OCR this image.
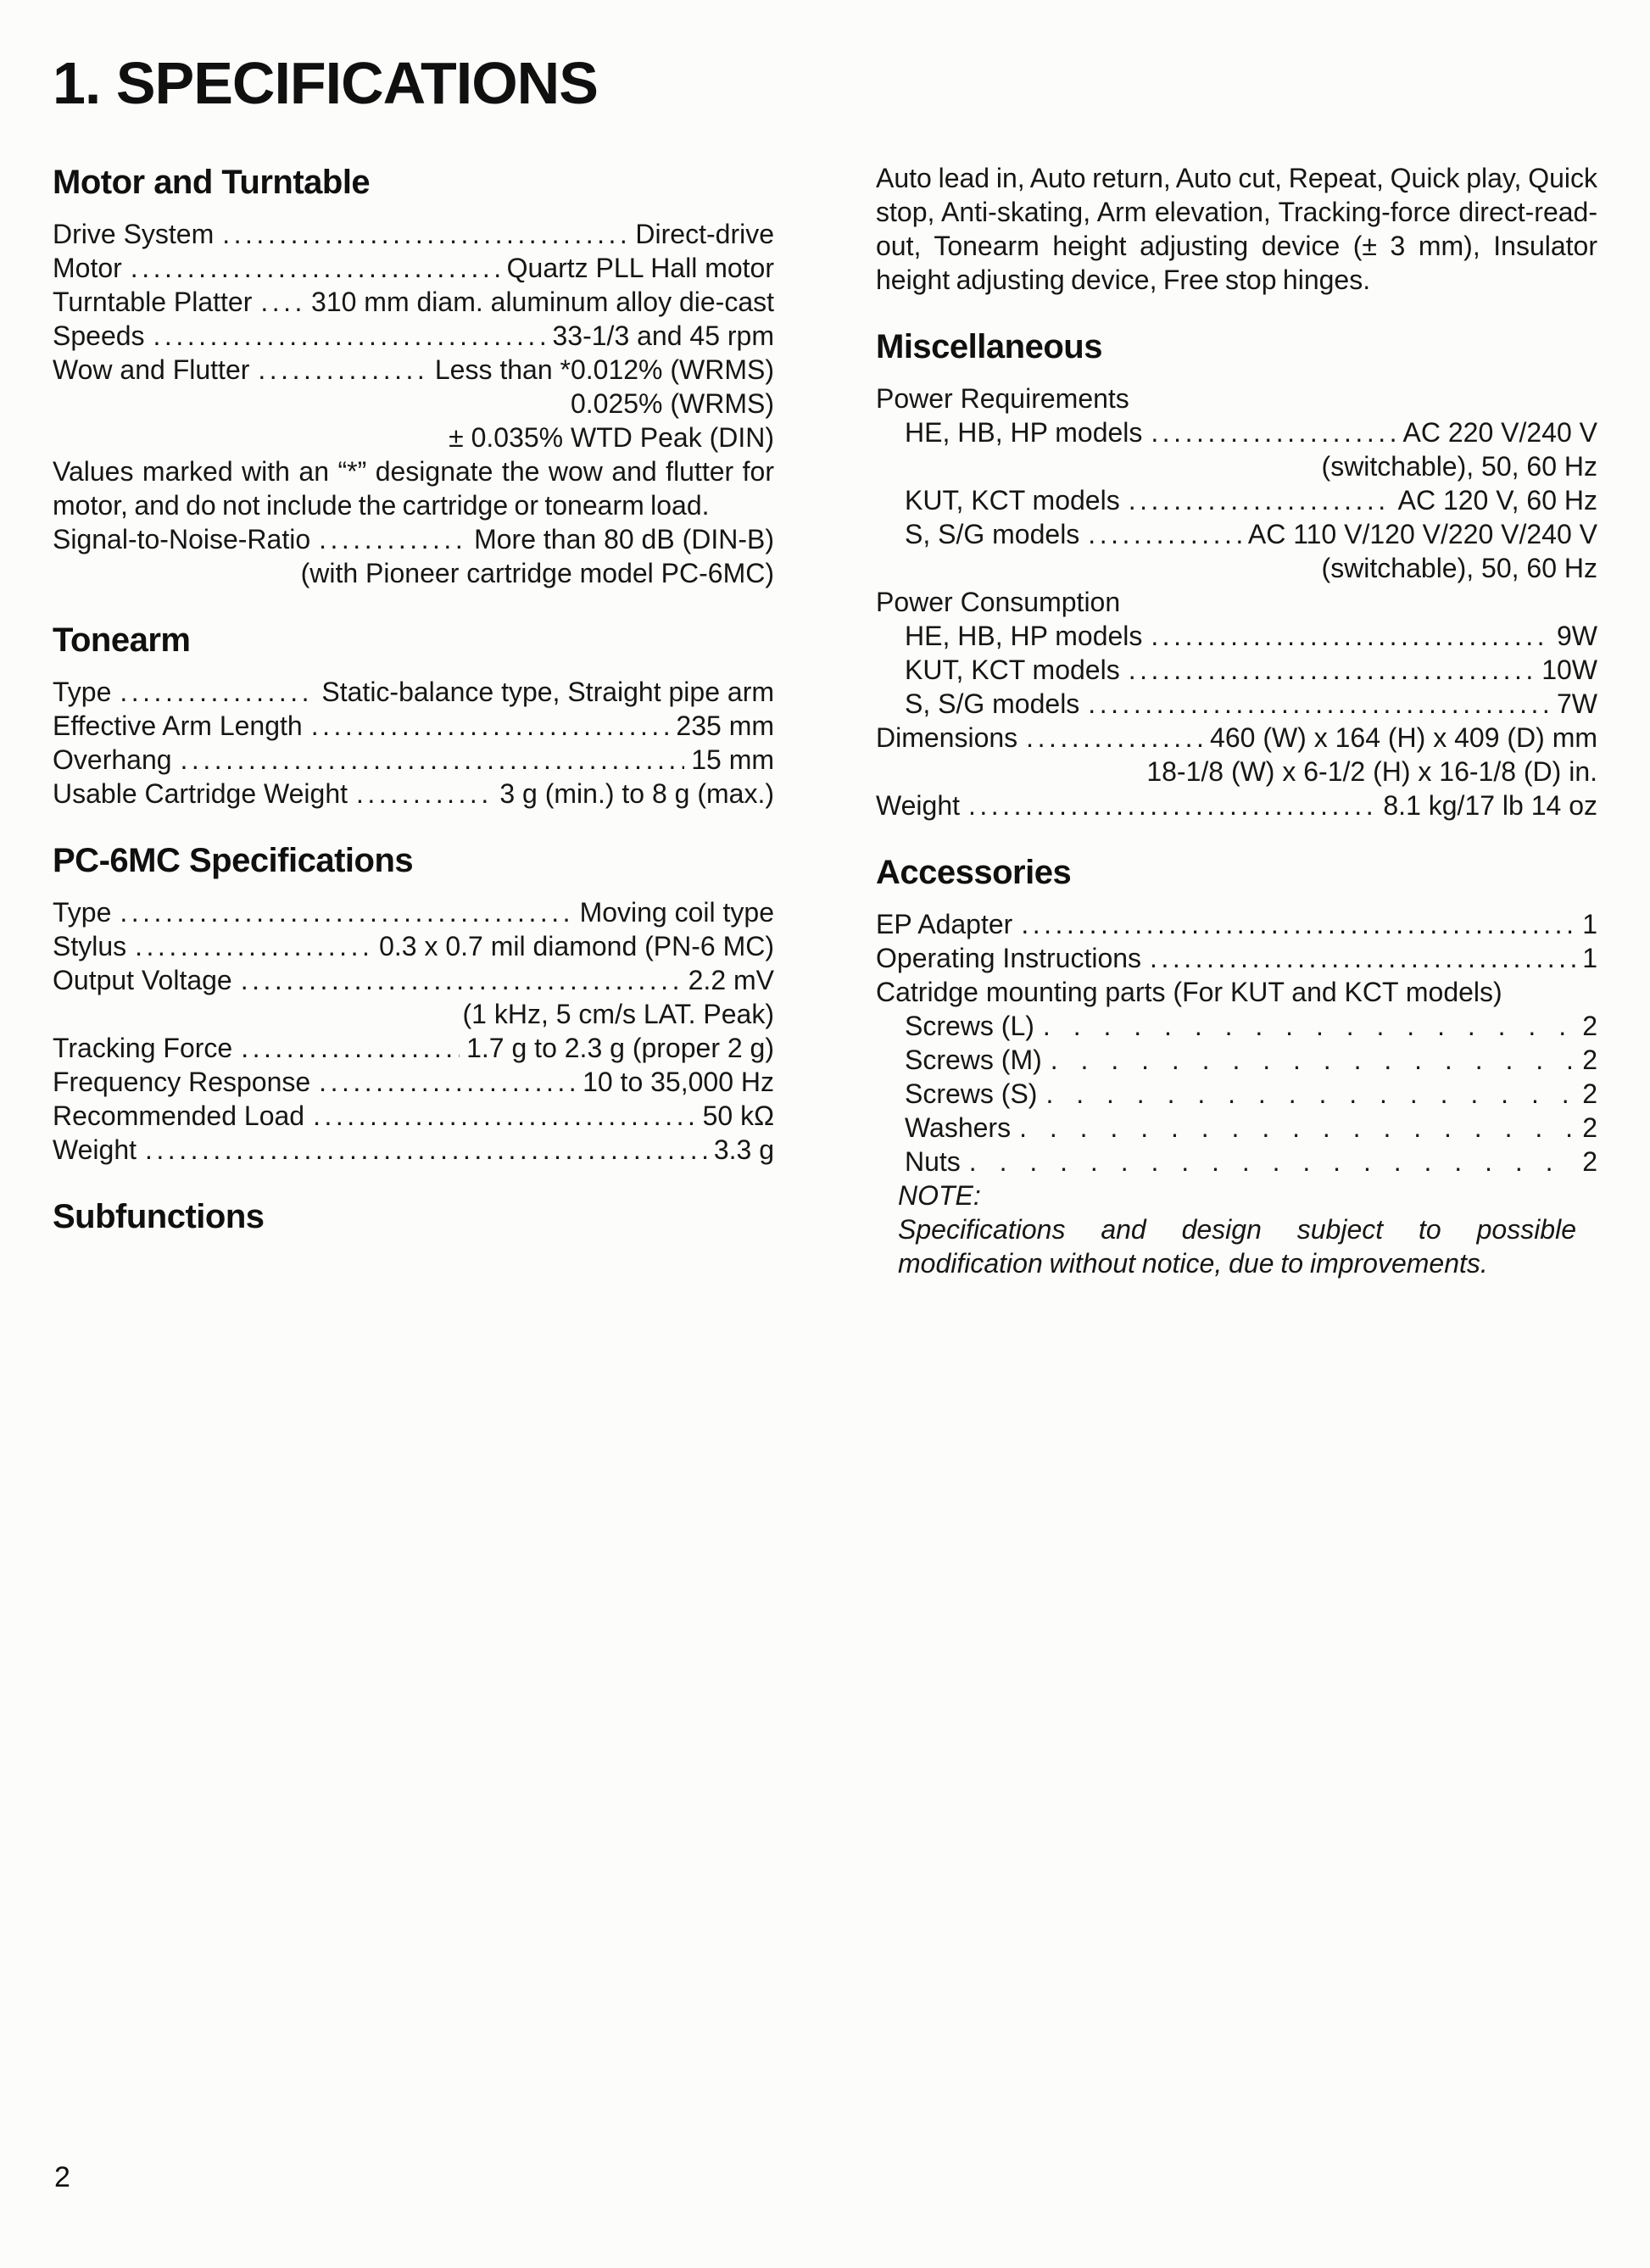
1. SPECIFICATIONS
Motor and Turntable
Drive System .....	Direct-drive
Motor .....	Quartz PLL Hall motor
Turntable Platter ..... 310 mm diam. aluminum alloy die-cast
Speeds .....	33-1/3 and 45 rpm
Wow and Flutter .....	Less than *0.012% (WRMS)
0.025% (WRMS)
± 0.035% WTD Peak (DIN)

Values marked with an “*” designate the wow and flutter for motor, and do not include the cartridge or tonearm load.

Signal-to-Noise-Ratio .....	More than 80 dB (DIN-B)
(with Pioneer cartridge model PC-6MC)
Tonearm
Type .....	Static-balance type, Straight pipe arm
Effective Arm Length .....	235 mm
Overhang .....	15 mm
Usable Cartridge Weight .....	3 g (min.) to 8 g (max.)
PC-6MC Specifications
Type .....	Moving coil type
Stylus .....	0.3 x 0.7 mil diamond (PN-6 MC)
Output Voltage .....	2.2 mV
(1 kHz, 5 cm/s LAT. Peak)
Tracking Force .....	1.7 g to 2.3 g (proper 2 g)
Frequency Response .....	10 to 35,000 Hz
Recommended Load .....	50 kΩ
Weight .....	3.3 g
Subfunctions

Auto lead in, Auto return, Auto cut, Repeat, Quick play, Quick stop, Anti-skating, Arm elevation, Tracking-force direct-read-out, Tonearm height adjusting device (± 3 mm), Insulator height adjusting device, Free stop hinges.

Miscellaneous
Power Requirements
HE, HB, HP models .....	AC 220 V/240 V
(switchable), 50, 60 Hz
KUT, KCT models .....	AC 120 V, 60 Hz
S, S/G models .....	AC 110 V/120 V/220 V/240 V
(switchable), 50, 60 Hz
Power Consumption
HE, HB, HP models .....	9W
KUT, KCT models .....	10W
S, S/G models .....	7W
Dimensions .....	460 (W) x 164 (H) x 409 (D) mm
18-1/8 (W) x 6-1/2 (H) x 16-1/8 (D) in.
Weight .....	8.1 kg/17 lb 14 oz
Accessories
EP Adapter .....	1
Operating Instructions .....	1
Catridge mounting parts (For KUT and KCT models)
Screws (L) . . .	2
Screws (M) . . .	2
Screws (S) . . .	2
Washers . . .	2
Nuts . . .	2
NOTE:

Specifications and design subject to possible modification without notice, due to improvements.

2
